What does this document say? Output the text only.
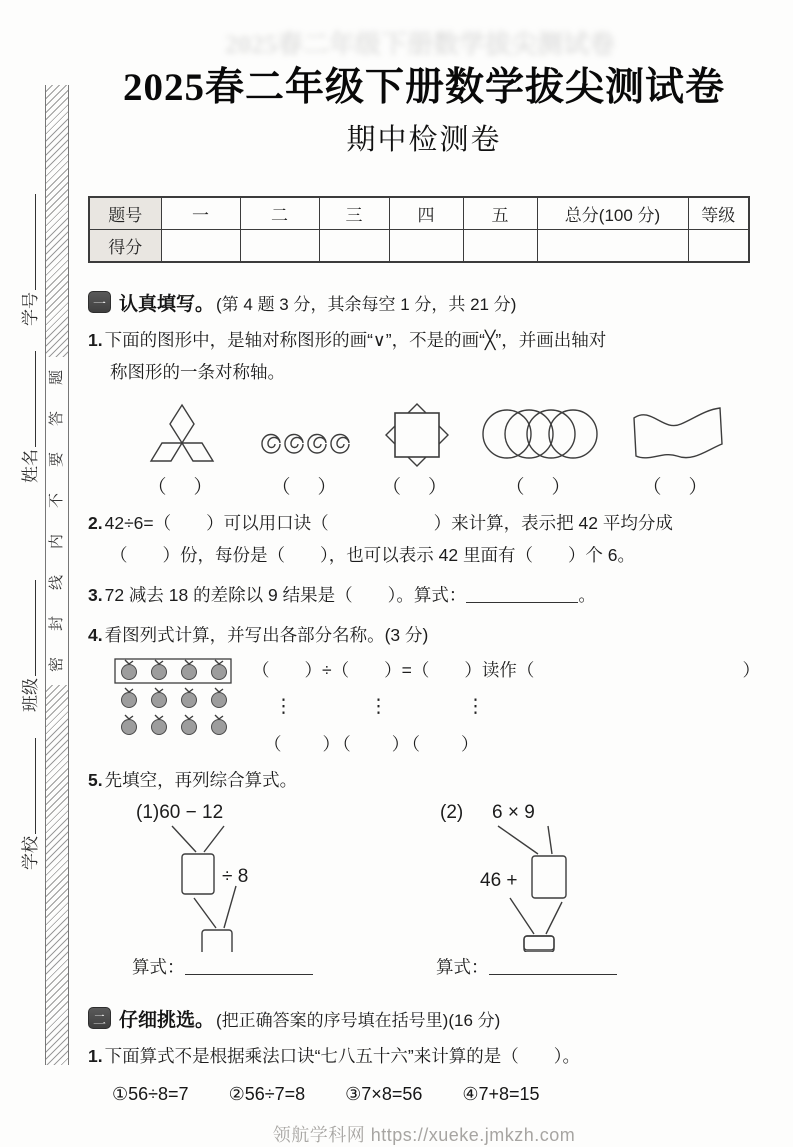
2025春二年级下册数学拔尖测试卷
学号
姓名
班级
学校
题
答
要
不
内
线
封
密
2025春二年级下册数学拔尖测试卷
期中检测卷
题号	一	二	三	四	五	总分(100 分)	等级
得分							
一 认真填写。 (第 4 题 3 分，其余每空 1 分，共 21 分)
1. 下面的图形中，是轴对称图形的画“∨”，不是的画“╳”，并画出轴对
称图形的一条对称轴。
（　）	（　） （　）	（　）	（　）
2. 42÷6=（　　）可以用口诀（　　　　　　）来计算，表示把 42 平均分成
（　　）份，每份是（　　），也可以表示 42 里面有（　　）个 6。
3. 72 减去 18 的差除以 9 结果是（　　）。算式：	。
4. 看图列式计算，并写出各部分名称。(3 分)
（　　）÷（　　）=（　　）读作（	）
⋮	⋮	⋮
（　　）（　　）（　　）
5. 先填空，再列综合算式。
(1)60 − 12
÷ 8
算式：
(2) 6 × 9
46 +
算式：
二 仔细挑选。 (把正确答案的序号填在括号里)(16 分)
1. 下面算式不是根据乘法口诀“七八五十六”来计算的是（　　）。
①56÷8=7 ②56÷7=8 ③7×8=56 ④7+8=15
领航学科网 https://xueke.jmkzh.com
